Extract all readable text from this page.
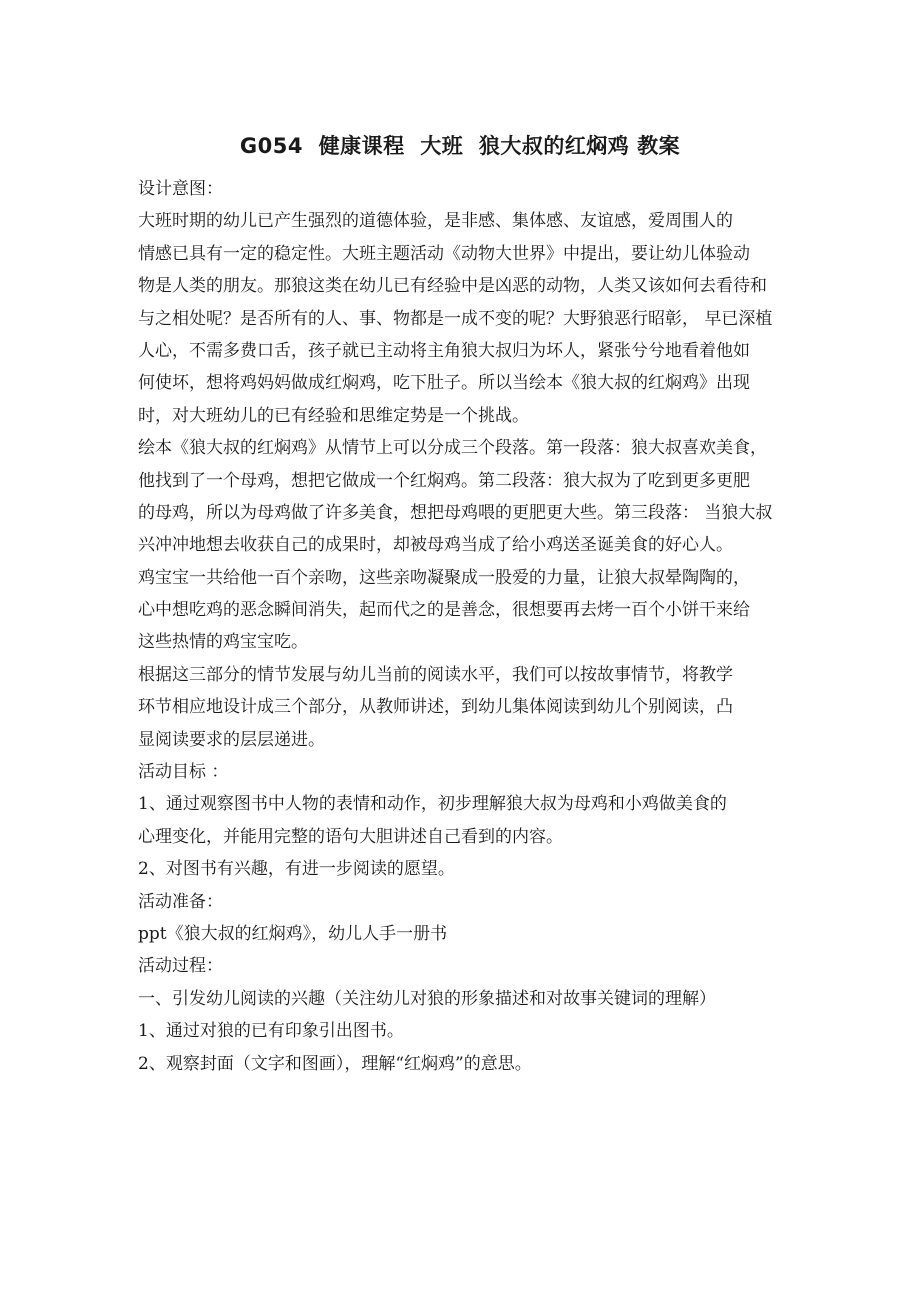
G054  健康课程  大班  狼大叔的红焖鸡 教案
设计意图：
大班时期的幼儿已产生强烈的道德体验，是非感、集体感、友谊感，爱周围人的
情感已具有一定的稳定性。大班主题活动《动物大世界》中提出，要让幼儿体验动
物是人类的朋友。那狼这类在幼儿已有经验中是凶恶的动物，人类又该如何去看待和
与之相处呢？是否所有的人、事、物都是一成不变的呢？大野狼恶行昭彰， 早已深植
人心，不需多费口舌，孩子就已主动将主角狼大叔归为坏人，紧张兮兮地看着他如
何使坏，想将鸡妈妈做成红焖鸡，吃下肚子。所以当绘本《狼大叔的红焖鸡》出现
时，对大班幼儿的已有经验和思维定势是一个挑战。
绘本《狼大叔的红焖鸡》从情节上可以分成三个段落。第一段落：狼大叔喜欢美食，
他找到了一个母鸡，想把它做成一个红焖鸡。第二段落：狼大叔为了吃到更多更肥
的母鸡，所以为母鸡做了许多美食，想把母鸡喂的更肥更大些。第三段落： 当狼大叔
兴冲冲地想去收获自己的成果时，却被母鸡当成了给小鸡送圣诞美食的好心人。
鸡宝宝一共给他一百个亲吻，这些亲吻凝聚成一股爱的力量，让狼大叔晕陶陶的，
心中想吃鸡的恶念瞬间消失，起而代之的是善念，很想要再去烤一百个小饼干来给
这些热情的鸡宝宝吃。
根据这三部分的情节发展与幼儿当前的阅读水平，我们可以按故事情节，将教学
环节相应地设计成三个部分，从教师讲述，到幼儿集体阅读到幼儿个别阅读，凸
显阅读要求的层层递进。
活动目标 ：
1、通过观察图书中人物的表情和动作，初步理解狼大叔为母鸡和小鸡做美食的
心理变化，并能用完整的语句大胆讲述自己看到的内容。
2、对图书有兴趣，有进一步阅读的愿望。
活动准备：
ppt《狼大叔的红焖鸡》，幼儿人手一册书
活动过程：
一、引发幼儿阅读的兴趣（关注幼儿对狼的形象描述和对故事关键词的理解）
1、通过对狼的已有印象引出图书。
2、观察封面（文字和图画），理解“红焖鸡”的意思。
